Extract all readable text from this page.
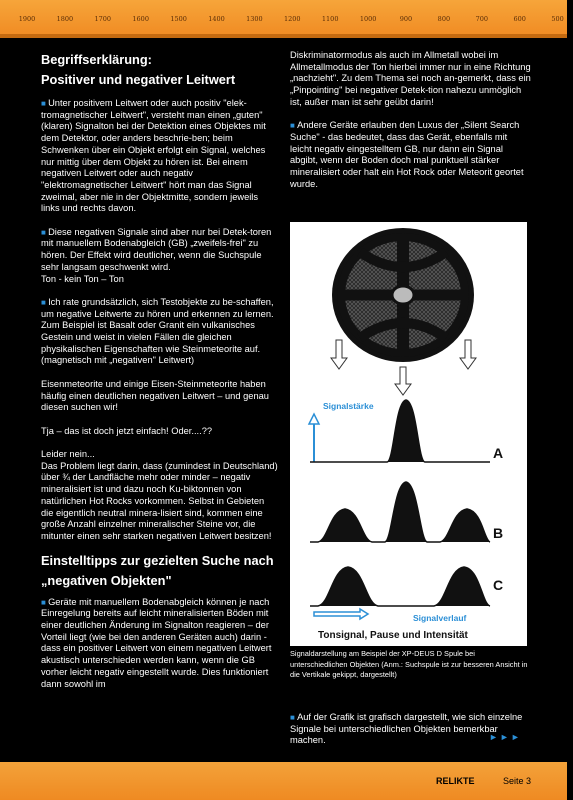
1900	1800	1700	1600	1500	1400	1300	1200	1100	1000	900	800	700	600	500
Begriffserklärung:
Positiver und negativer Leitwert

■ Unter positivem Leitwert oder auch positiv "elek-tromagnetischer Leitwert", versteht man einen „guten" (klaren) Signalton bei der Detektion eines Objektes mit dem Detektor, oder anders beschrie-ben; beim Schwenken über ein Objekt erfolgt ein Signal, welches nur mittig über dem Objekt zu hören ist. Bei einem negativen Leitwert oder auch negativ "elektromagnetischer Leitwert" hört man das Signal zweimal, aber nie in der Objektmitte, sondern jeweils links und rechts davon.

■ Diese negativen Signale sind aber nur bei Detek-toren mit manuellem Bodenabgleich (GB) „zweifels-frei" zu hören. Der Effekt wird deutlicher, wenn die Suchspule sehr langsam geschwenkt wird.

Ton - kein Ton – Ton

■ Ich rate grundsätzlich, sich Testobjekte zu be-schaffen, um negative Leitwerte zu hören und erkennen zu lernen. Zum Beispiel ist Basalt oder Granit ein vulkanisches Gestein und weist in vielen Fällen die gleichen physikalischen Eigenschaften wie Steinmeteorite auf. (magnetisch mit „negativen" Leitwert)

Eisenmeteorite und einige Eisen-Steinmeteorite haben häufig einen deutlichen negativen Leitwert – und genau diesen suchen wir!

Tja – das ist doch jetzt einfach! Oder....??

Leider nein...

Das Problem liegt darin, dass (zumindest in Deutschland) über ¾ der Landfläche mehr oder minder – negativ mineralisiert ist und dazu noch Ku-biktonnen von natürlichen Hot Rocks vorkommen. Selbst in Gebieten die eigentlich neutral minera-lisiert sind, kommen eine große Anzahl einzelner mineralischer Steine vor, die mitunter einen sehr starken negativen Leitwert besitzen!

Einstelltipps zur gezielten Suche nach „negativen Objekten"

■ Geräte mit manuellem Bodenabgleich können je nach Einregelung bereits auf leicht mineralisierten Böden mit einer deutlichen Änderung im Signalton reagieren – der Vorteil liegt (wie bei den anderen Geräten auch) darin - dass ein positiver Leitwert von einem negativen Leitwert akustisch unterschieden werden kann, wenn die GB vorher leicht negativ eingestellt wurde. Dies funktioniert dann sowohl im

Diskriminatormodus als auch im Allmetall wobei im Allmetallmodus der Ton hierbei immer nur in eine Richtung „nachzieht". Zu dem Thema sei noch an-gemerkt, dass ein „Pinpointing" bei negativer Detek-tion nahezu unmöglich ist, außer man ist sehr geübt darin!

■ Andere Geräte erlauben den Luxus der „Silent Search Suche" - das bedeutet, dass das Gerät, ebenfalls mit leicht negativ eingestelltem GB, nur dann ein Signal abgibt, wenn der Boden doch mal punktuell stärker mineralisiert oder halt ein Hot Rock oder Meteorit geortet wurde.

Signalstärke
A
B
C
Signalverlauf
Tonsignal, Pause und Intensität
Signaldarstellung am Beispiel der XP-DEUS D Spule bei unterschiedlichen Objekten (Anm.: Suchspule ist zur besseren Ansicht in die Vertikale gekippt, dargestellt)
■ Auf der Grafik ist grafisch dargestellt, wie sich einzelne Signale bei unterschiedlichen Objekten bemerkbar machen.	►►►
RELIKTE	Seite 3
